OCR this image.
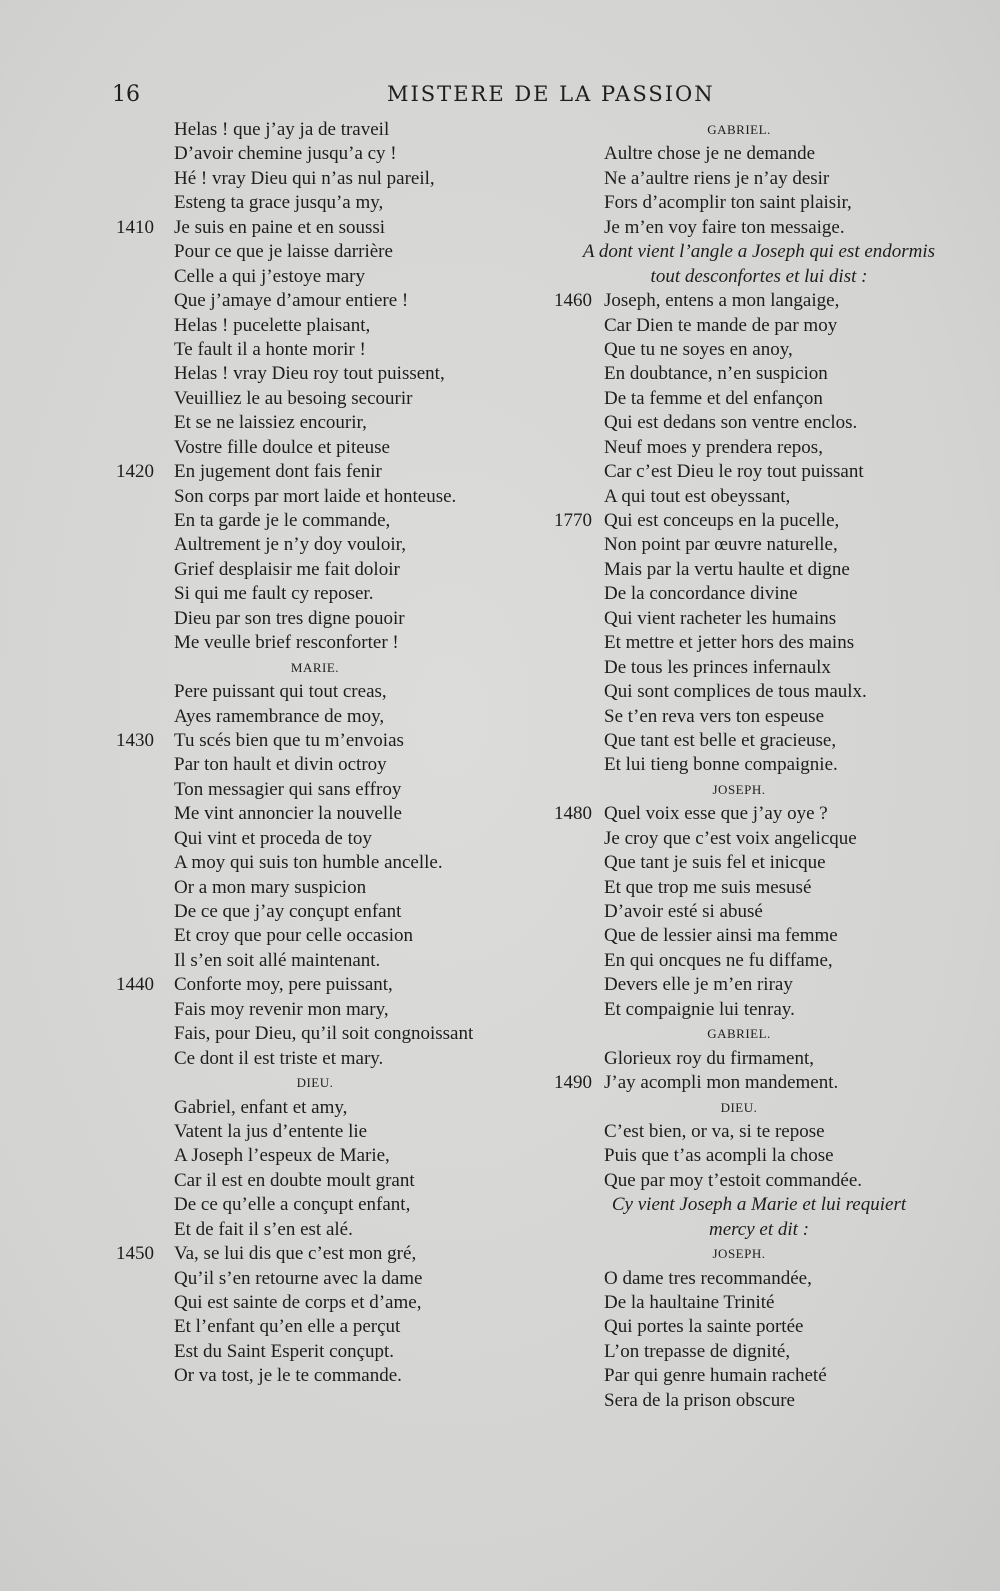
16	MISTERE DE LA PASSION
Helas ! que j’ay ja de traveil
D’avoir chemine jusqu’a cy !
Hé ! vray Dieu qui n’as nul pareil,
Esteng ta grace jusqu’a my,
1410 Je suis en paine et en soussi
Pour ce que je laisse darrière
Celle a qui j’estoye mary
Que j’amaye d’amour entiere !
Helas ! pucelette plaisant,
Te fault il a honte morir !
Helas ! vray Dieu roy tout puissent,
Veuilliez le au besoing secourir
Et se ne laissiez encourir,
Vostre fille doulce et piteuse
1420 En jugement dont fais fenir
Son corps par mort laide et honteuse.
En ta garde je le commande,
Aultrement je n’y doy vouloir,
Grief desplaisir me fait doloir
Si qui me fault cy reposer.
Dieu par son tres digne pouoir
Me veulle brief resconforter !
MARIE.
Pere puissant qui tout creas,
Ayes ramembrance de moy,
1430 Tu scés bien que tu m’envoias
Par ton hault et divin octroy
Ton messagier qui sans effroy
Me vint annoncier la nouvelle
Qui vint et proceda de toy
A moy qui suis ton humble ancelle.
Or a mon mary suspicion
De ce que j’ay conçupt enfant
Et croy que pour celle occasion
Il s’en soit allé maintenant.
1440 Conforte moy, pere puissant,
Fais moy revenir mon mary,
Fais, pour Dieu, qu’il soit congnoissant
Ce dont il est triste et mary.
DIEU.
Gabriel, enfant et amy,
Vatent la jus d’entente lie
A Joseph l’espeux de Marie,
Car il est en doubte moult grant
De ce qu’elle a conçupt enfant,
Et de fait il s’en est alé.
1450 Va, se lui dis que c’est mon gré,
Qu’il s’en retourne avec la dame
Qui est sainte de corps et d’ame,
Et l’enfant qu’en elle a perçut
Est du Saint Esperit conçupt.
Or va tost, je le te commande.
GABRIEL.
Aultre chose je ne demande
Ne a’aultre riens je n’ay desir
Fors d’acomplir ton saint plaisir,
Je m’en voy faire ton messaige.
A dont vient l’angle a Joseph qui est endormis
tout desconfortes et lui dist :
1460 Joseph, entens a mon langaige,
Car Dien te mande de par moy
Que tu ne soyes en anoy,
En doubtance, n’en suspicion
De ta femme et del enfançon
Qui est dedans son ventre enclos.
Neuf moes y prendera repos,
Car c’est Dieu le roy tout puissant
A qui tout est obeyssant,
1770 Qui est conceups en la pucelle,
Non point par œuvre naturelle,
Mais par la vertu haulte et digne
De la concordance divine
Qui vient racheter les humains
Et mettre et jetter hors des mains
De tous les princes infernaulx
Qui sont complices de tous maulx.
Se t’en reva vers ton espeuse
Que tant est belle et gracieuse,
Et lui tieng bonne compaignie.
JOSEPH.
1480 Quel voix esse que j’ay oye ?
Je croy que c’est voix angelicque
Que tant je suis fel et inicque
Et que trop me suis mesusé
D’avoir esté si abusé
Que de lessier ainsi ma femme
En qui oncques ne fu diffame,
Devers elle je m’en riray
Et compaignie lui tenray.
GABRIEL.
Glorieux roy du firmament,
1490 J’ay acompli mon mandement.
DIEU.
C’est bien, or va, si te repose
Puis que t’as acompli la chose
Que par moy t’estoit commandée.
Cy vient Joseph a Marie et lui requiert
mercy et dit :
JOSEPH.
O dame tres recommandée,
De la haultaine Trinité
Qui portes la sainte portée
L’on trepasse de dignité,
Par qui genre humain racheté
Sera de la prison obscure
